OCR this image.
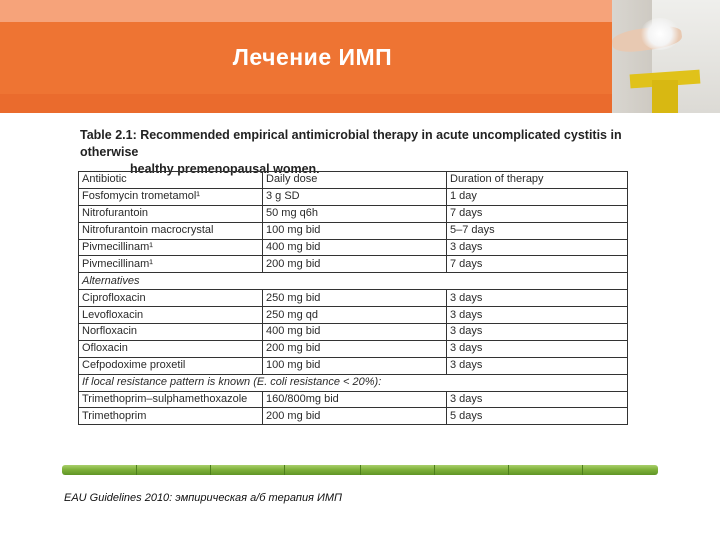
Лечение ИМП
Table 2.1: Recommended empirical antimicrobial therapy in acute uncomplicated cystitis in otherwise
healthy premenopausal women.
Antibiotic	Daily dose	Duration of therapy
Fosfomycin trometamol¹	3 g SD	1 day
Nitrofurantoin	50 mg q6h	7 days
Nitrofurantoin macrocrystal	100 mg bid	5–7 days
Pivmecillinam¹	400 mg bid	3 days
Pivmecillinam¹	200 mg bid	7 days
Alternatives		
Ciprofloxacin	250 mg bid	3 days
Levofloxacin	250 mg qd	3 days
Norfloxacin	400 mg bid	3 days
Ofloxacin	200 mg bid	3 days
Cefpodoxime proxetil	100 mg bid	3 days
If local resistance pattern is known (E. coli resistance < 20%):		
Trimethoprim–sulphamethoxazole	160/800mg bid	3 days
Trimethoprim	200 mg bid	5 days
EAU Guidelines 2010: эмпирическая а/б терапия ИМП
